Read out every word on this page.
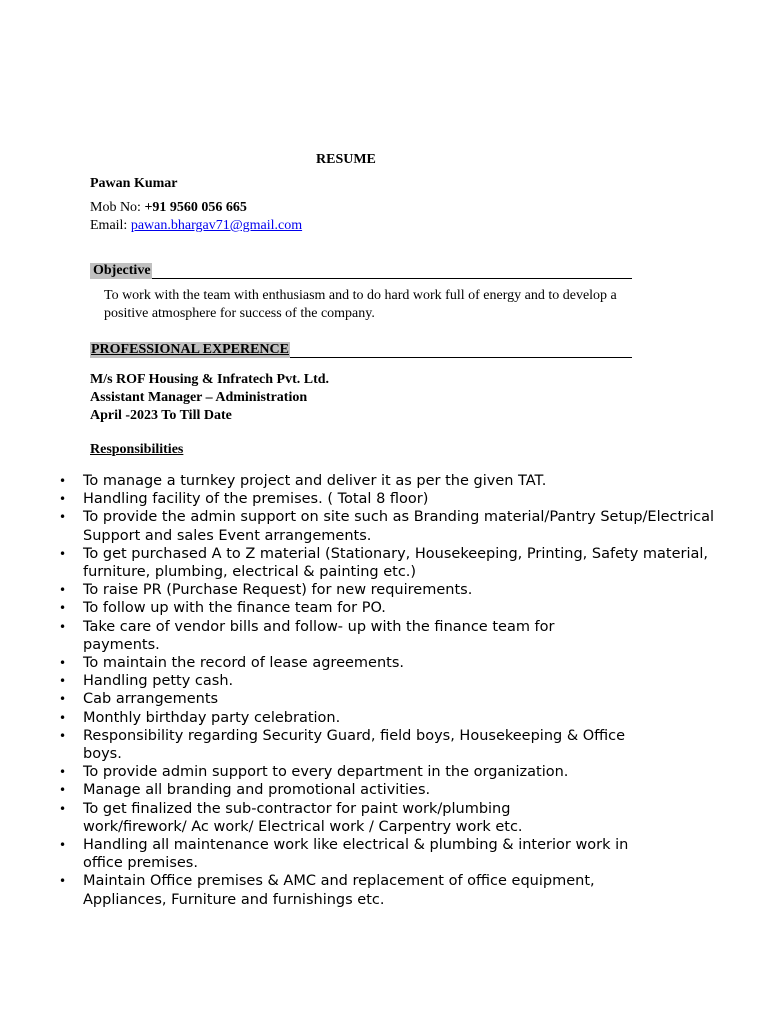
RESUME
Pawan Kumar
Mob No: +91 9560 056 665
Email: pawan.bhargav71@gmail.com
Objective
To work with the team with enthusiasm and to do hard work full of energy and to develop a positive atmosphere for success of the company.
PROFESSIONAL EXPERENCE
M/s ROF Housing & Infratech Pvt. Ltd.
Assistant Manager – Administration
April -2023 To Till Date
Responsibilities
• To manage a turnkey project and deliver it as per the given TAT.
• Handling facility of the premises. ( Total 8 floor)
• To provide the admin support on site such as Branding material/Pantry Setup/Electrical Support and sales Event arrangements.
• To get purchased A to Z material (Stationary, Housekeeping, Printing, Safety material, furniture, plumbing, electrical & painting etc.)
• To raise PR (Purchase Request) for new requirements.
• To follow up with the finance team for PO.
• Take care of vendor bills and follow- up with the finance team for payments.
• To maintain the record of lease agreements.
• Handling petty cash.
• Cab arrangements
• Monthly birthday party celebration.
• Responsibility regarding Security Guard, field boys, Housekeeping & Office boys.
• To provide admin support to every department in the organization.
• Manage all branding and promotional activities.
• To get finalized the sub-contractor for paint work/plumbing work/firework/ Ac work/ Electrical work / Carpentry work etc.
• Handling all maintenance work like electrical & plumbing & interior work in office premises.
• Maintain Office premises & AMC and replacement of office equipment, Appliances, Furniture and furnishings etc.
